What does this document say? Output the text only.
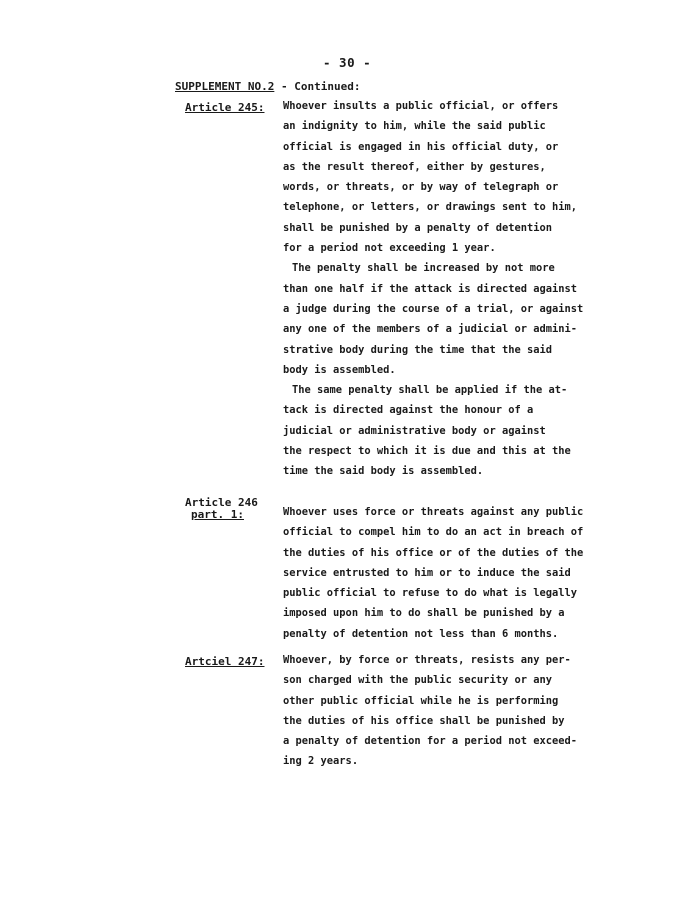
- 30 -
SUPPLEMENT NO.2 - Continued:
Article 245: Whoever insults a public official, or offers
an indignity to him, while the said public
official is engaged in his official duty, or
as the result thereof, either by gestures,
words, or threats, or by way of telegraph or
telephone, or letters, or drawings sent to him,
shall be punished by a penalty of detention
for a period not exceeding 1 year.
The penalty shall be increased by not more
than one half if the attack is directed against
a judge during the course of a trial, or against
any one of the members of a judicial or admini-
strative body during the time that the said
body is assembled.
The same penalty shall be applied if the at-
tack is directed against the honour of a
judicial or administrative body or against
the respect to which it is due and this at the
time the said body is assembled.
Article 246
part. 1:	Whoever uses force or threats against any public
official to compel him to do an act in breach of
the duties of his office or of the duties of the
service entrusted to him or to induce the said
public official to refuse to do what is legally
imposed upon him to do shall be punished by a
penalty of detention not less than 6 months.
Artciel 247: Whoever, by force or threats, resists any per-
son charged with the public security or any
other public official while he is performing
the duties of his office shall be punished by
a penalty of detention for a period not exceed-
ing 2 years.
